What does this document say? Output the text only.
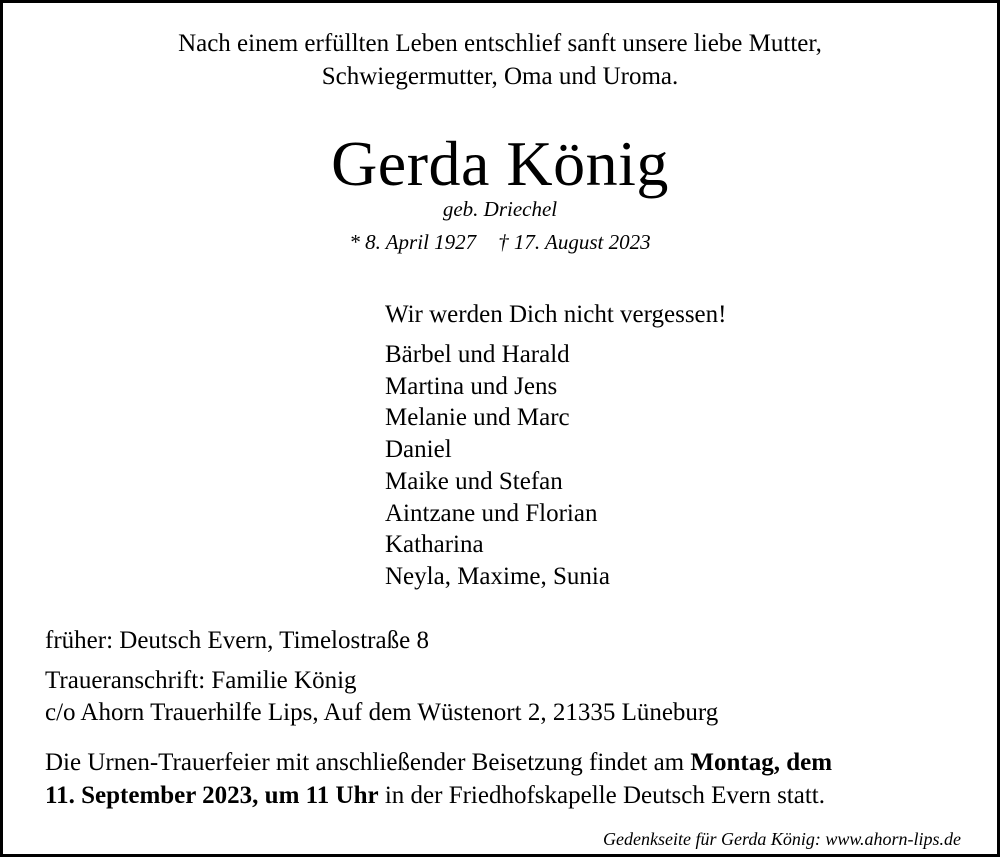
Nach einem erfüllten Leben entschlief sanft unsere liebe Mutter,
Schwiegermutter, Oma und Uroma.
Gerda König
geb. Driechel
* 8. April 1927 † 17. August 2023
Wir werden Dich nicht vergessen!
Bärbel und Harald
Martina und Jens
Melanie und Marc
Daniel
Maike und Stefan
Aintzane und Florian
Katharina
Neyla, Maxime, Sunia
früher: Deutsch Evern, Timelostraße 8
Traueranschrift: Familie König
c/o Ahorn Trauerhilfe Lips, Auf dem Wüstenort 2, 21335 Lüneburg
Die Urnen-Trauerfeier mit anschließender Beisetzung findet am Montag, dem
11. September 2023, um 11 Uhr in der Friedhofskapelle Deutsch Evern statt.
Gedenkseite für Gerda König: www.ahorn-lips.de
